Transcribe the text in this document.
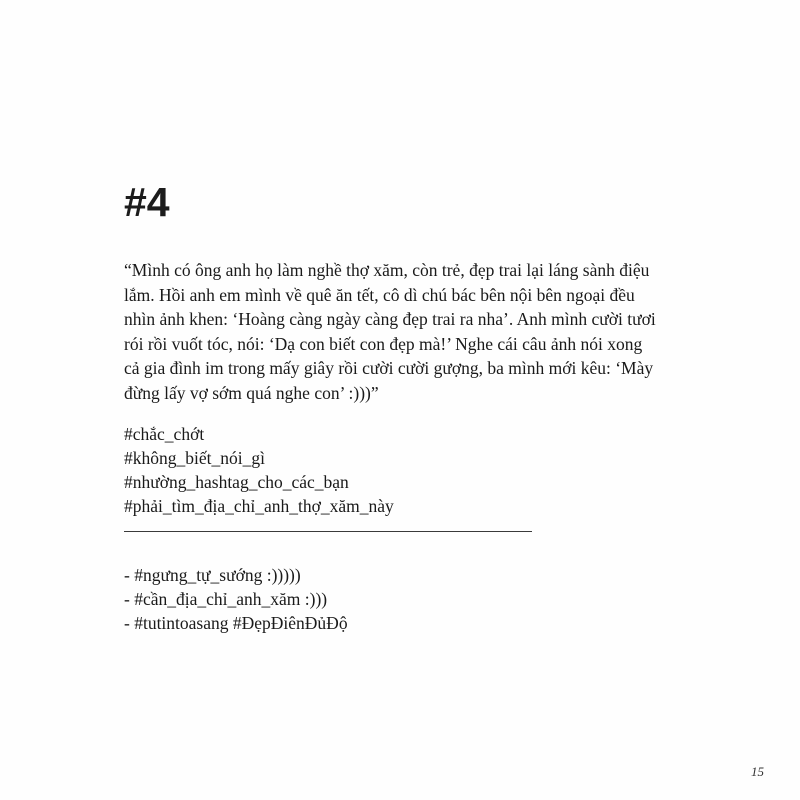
#4

“Mình có ông anh họ làm nghề thợ xăm, còn trẻ, đẹp trai lại láng sành điệu
lắm. Hồi anh em mình về quê ăn tết, cô dì chú bác bên nội bên ngoại đều
nhìn ảnh khen: ‘Hoàng càng ngày càng đẹp trai ra nha’. Anh mình cười tươi
rói rồi vuốt tóc, nói: ‘Dạ con biết con đẹp mà!’ Nghe cái câu ảnh nói xong
cả gia đình im trong mấy giây rồi cười cười gượng, ba mình mới kêu: ‘Mày
đừng lấy vợ sớm quá nghe con’ :)))”

#chắc_chớt
#không_biết_nói_gì
#nhường_hashtag_cho_các_bạn
#phải_tìm_địa_chỉ_anh_thợ_xăm_này
- #ngưng_tự_sướng :)))))
- #cần_địa_chỉ_anh_xăm :)))
- #tutintoasang #ĐẹpĐiênĐủĐộ
15
